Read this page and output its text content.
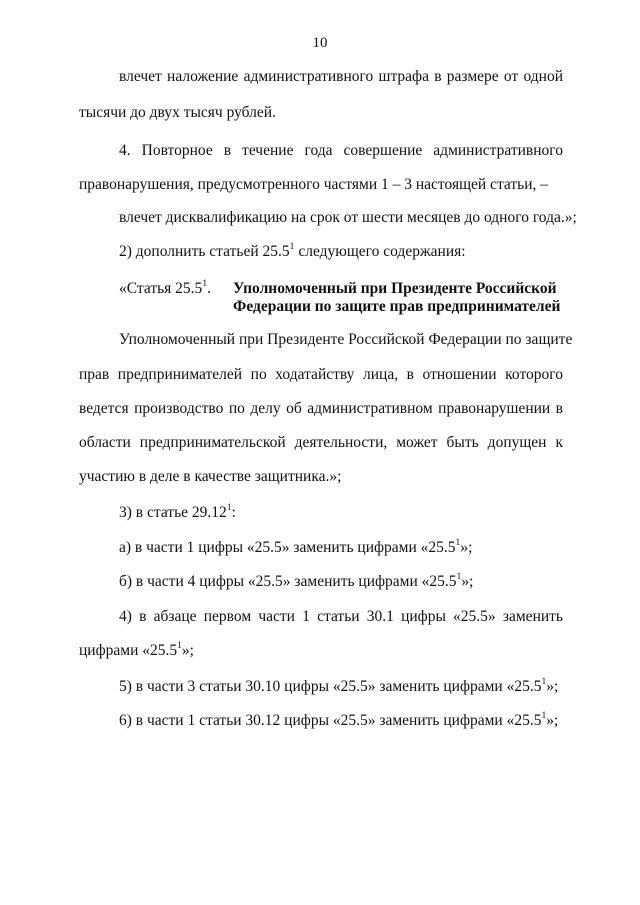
10
влечет наложение административного штрафа в размере от одной
тысячи до двух тысяч рублей.
4. Повторное в течение года совершение административного
правонарушения, предусмотренного частями 1 – 3 настоящей статьи, –
влечет дисквалификацию на срок от шести месяцев до одного года.»;
2) дополнить статьей 25.5$^1$ следующего содержания:
«Статья 25.5$^1$. Уполномоченный при Президенте Российской
Федерации по защите прав предпринимателей
Уполномоченный при Президенте Российской Федерации по защите
прав предпринимателей по ходатайству лица, в отношении которого
ведется производство по делу об административном правонарушении в
области предпринимательской деятельности, может быть допущен к
участию в деле в качестве защитника.»;
3) в статье 29.12$^1$:
а) в части 1 цифры «25.5» заменить цифрами «25.5$^1$»;
б) в части 4 цифры «25.5» заменить цифрами «25.5$^1$»;
4) в абзаце первом части 1 статьи 30.1 цифры «25.5» заменить
цифрами «25.5$^1$»;
5) в части 3 статьи 30.10 цифры «25.5» заменить цифрами «25.5$^1$»;
6) в части 1 статьи 30.12 цифры «25.5» заменить цифрами «25.5$^1$»;
